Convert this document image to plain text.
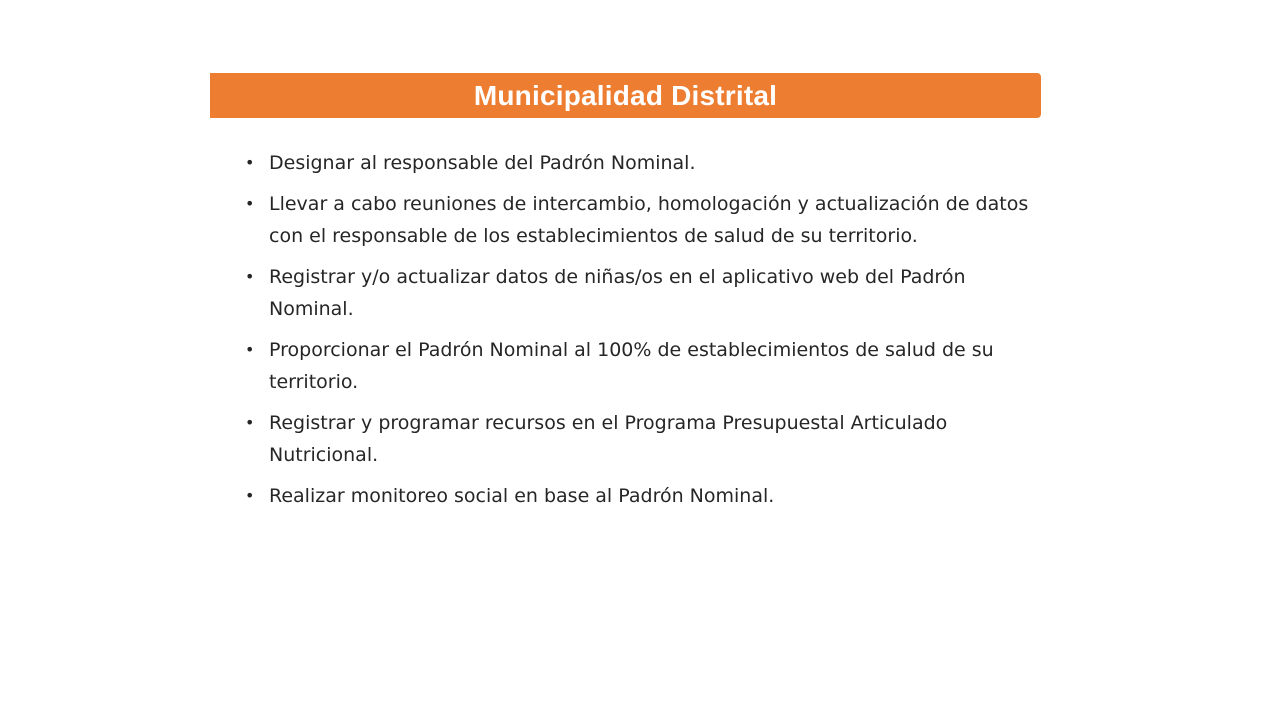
Municipalidad Distrital
• Designar al responsable del Padrón Nominal.
• Llevar a cabo reuniones de intercambio, homologación y actualización de datos con el responsable de los establecimientos de salud de su territorio.
• Registrar y/o actualizar datos de niñas/os en el aplicativo web del Padrón Nominal.
• Proporcionar el Padrón Nominal al 100% de establecimientos de salud de su territorio.
• Registrar y programar recursos en el Programa Presupuestal Articulado Nutricional.
• Realizar monitoreo social en base al Padrón Nominal.
